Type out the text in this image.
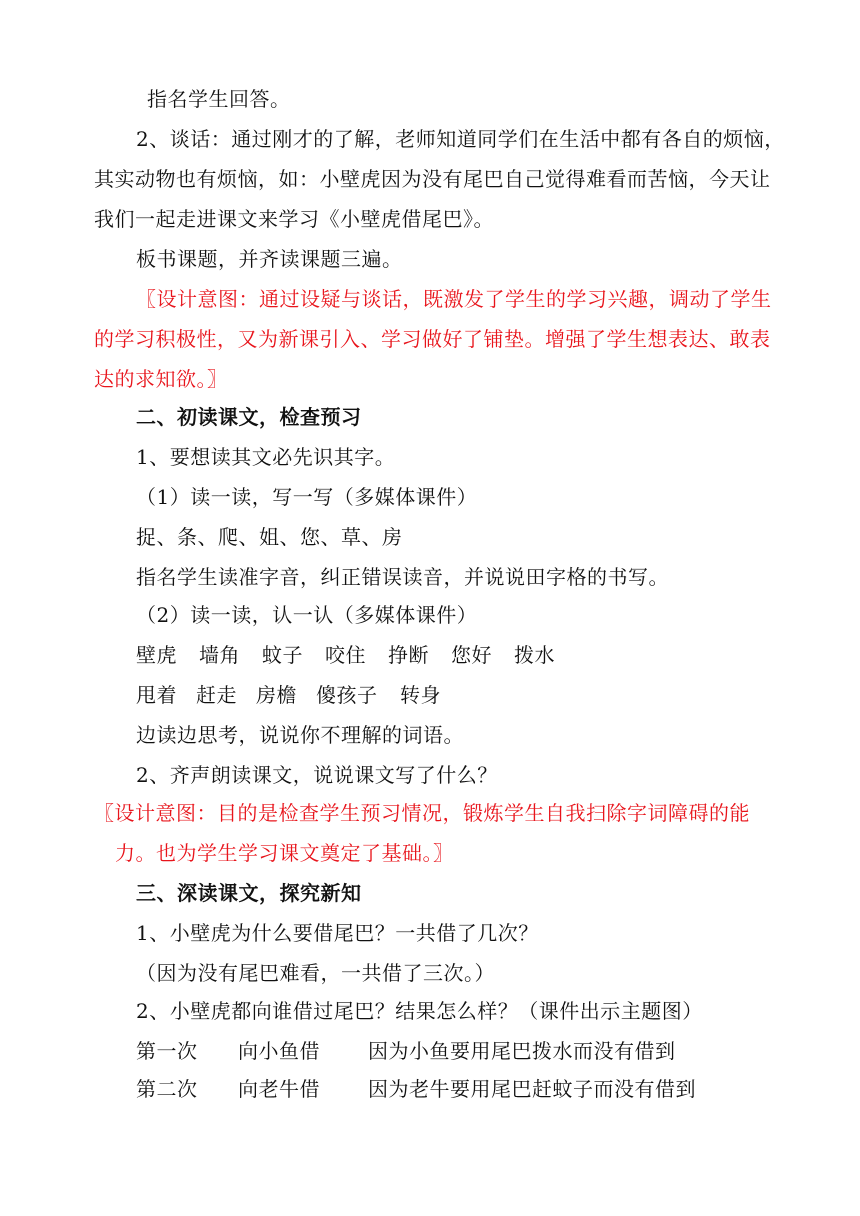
指名学生回答。
2、谈话：通过刚才的了解，老师知道同学们在生活中都有各自的烦恼，
其实动物也有烦恼，如：小壁虎因为没有尾巴自己觉得难看而苦恼，今天让
我们一起走进课文来学习《小壁虎借尾巴》。
板书课题，并齐读课题三遍。
〖设计意图：通过设疑与谈话，既激发了学生的学习兴趣，调动了学生
的学习积极性，又为新课引入、学习做好了铺垫。增强了学生想表达、敢表
达的求知欲。〗
二、初读课文，检查预习
1、要想读其文必先识其字。
（1）读一读，写一写（多媒体课件）
捉、条、爬、姐、您、草、房
指名学生读准字音，纠正错误读音，并说说田字格的书写。
（2）读一读，认一认（多媒体课件）
壁虎 墙角 蚊子 咬住 挣断 您好 拨水
甩着 赶走 房檐 傻孩子 转身
边读边思考，说说你不理解的词语。
2、齐声朗读课文，说说课文写了什么？
〖设计意图：目的是检查学生预习情况，锻炼学生自我扫除字词障碍的能
力。也为学生学习课文奠定了基础。〗
三、深读课文，探究新知
1、小壁虎为什么要借尾巴？一共借了几次？
（因为没有尾巴难看，一共借了三次。）
2、小壁虎都向谁借过尾巴？结果怎么样？（课件出示主题图）
第一次 向小鱼借 因为小鱼要用尾巴拨水而没有借到
第二次 向老牛借 因为老牛要用尾巴赶蚊子而没有借到
